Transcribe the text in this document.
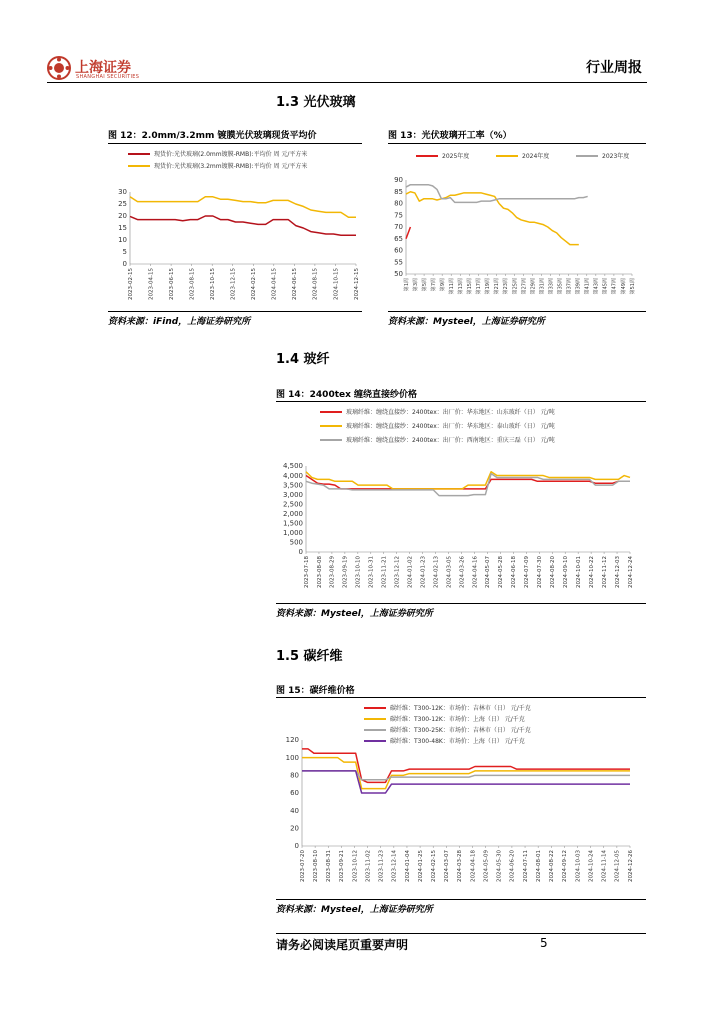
上海证券
SHANGHAI SECURITIES
行业周报
1.3 光伏玻璃
图 12：2.0mm/3.2mm 镀膜光伏玻璃现货平均价
0
5
10
15
20
25
30
2023-02-15	2023-04-15	2023-06-15	2023-08-15	2023-10-15	2023-12-15	2024-02-15	2024-04-15	2024-06-15	2024-08-15	2024-10-15	2024-12-15
现货价:光伏玻璃(2.0mm镀膜-RMB):平均价 周 元/平方米
现货价:光伏玻璃(3.2mm镀膜-RMB):平均价 周 元/平方米
资料来源：iFind，上海证券研究所
图 13：光伏玻璃开工率（%）
50
55
60
65
70
75
80
85
90
第1周 第3周 第5周 第7周 第9周 第11周 第13周 第15周 第17周 第19周 第21周 第23周 第25周 第27周 第29周 第31周 第33周 第35周 第37周 第39周 第41周 第43周 第45周 第47周 第49周 第51周
2025年度	2024年度	2023年度
资料来源：Mysteel，上海证券研究所
1.4 玻纤
图 14：2400tex 缠绕直接纱价格
0
500
1,000
1,500
2,000
2,500
3,000
3,500
4,000
4,500
2023-07-18 2023-08-08 2023-08-29 2023-09-19 2023-10-10 2023-10-31 2023-11-21 2023-12-12 2024-01-02 2024-01-23 2024-02-13 2024-03-05 2024-03-26 2024-04-16 2024-05-07 2024-05-28 2024-06-18 2024-07-09 2024-07-30 2024-08-20 2024-09-10 2024-10-01 2024-10-22 2024-11-12 2024-12-03 2024-12-24
玻璃纤维：缠绕直接纱：2400tex：出厂价：华东地区：山东玻纤（日） 元/吨
玻璃纤维：缠绕直接纱：2400tex：出厂价：华东地区：泰山玻纤（日） 元/吨
玻璃纤维：缠绕直接纱：2400tex：出厂价：西南地区：重庆三磊（日） 元/吨
资料来源：Mysteel，上海证券研究所
1.5 碳纤维
图 15：碳纤维价格
0
20
40
60
80
100
120
2023-07-20 2023-08-10 2023-08-31 2023-09-21 2023-10-12 2023-11-02 2023-11-23 2023-12-14 2024-01-04 2024-01-25 2024-02-15 2024-03-07 2024-03-28 2024-04-18 2024-05-09 2024-05-30 2024-06-20 2024-07-11 2024-08-01 2024-08-22 2024-09-12 2024-10-03 2024-10-24 2024-11-14 2024-12-05 2024-12-26
碳纤维：T300-12K：市场价：吉林市（日） 元/千克
碳纤维：T300-12K：市场价：上海（日） 元/千克
碳纤维：T300-25K：市场价：吉林市（日） 元/千克
碳纤维：T300-48K：市场价：上海（日） 元/千克
资料来源：Mysteel，上海证券研究所
请务必阅读尾页重要声明	5
